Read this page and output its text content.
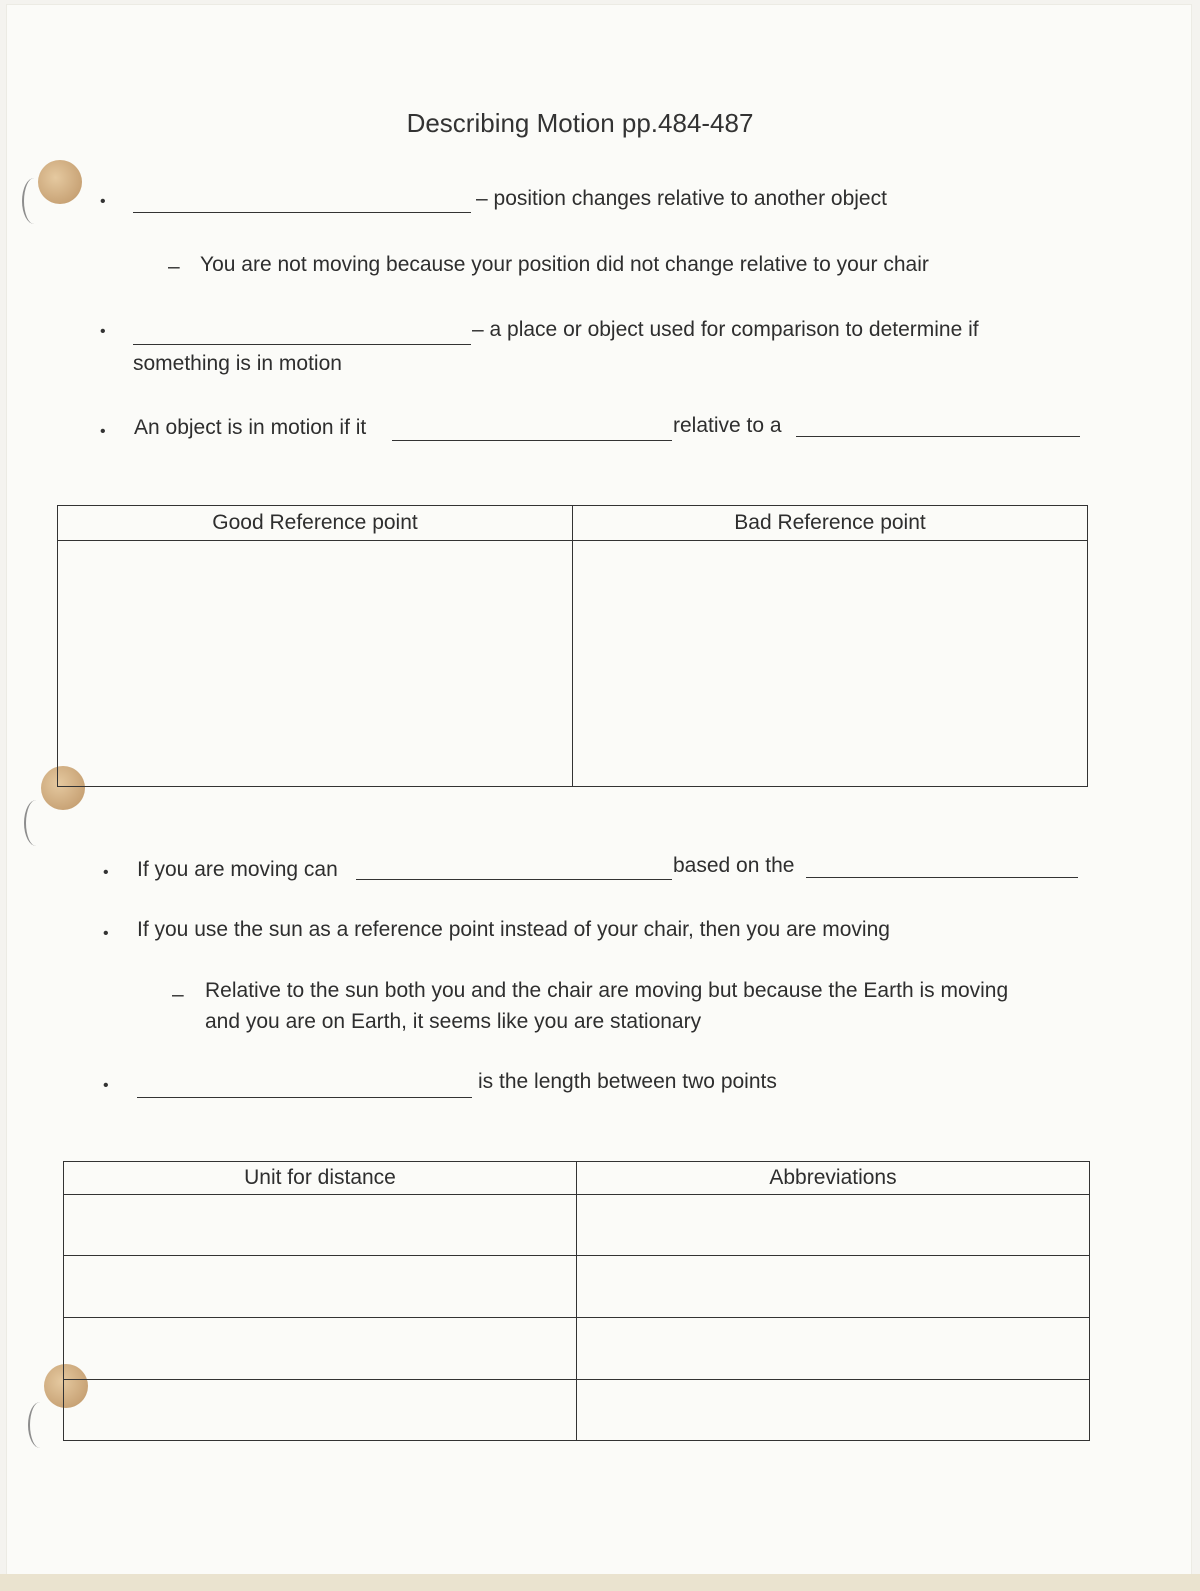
Describing Motion pp.484-487
•	– position changes relative to another object
– You are not moving because your position did not change relative to your chair
•	– a place or object used for comparison to determine if
something is in motion
• An object is in motion if it	relative to a
Good Reference point	Bad Reference point

• If you are moving can	based on the
• If you use the sun as a reference point instead of your chair, then you are moving
– Relative to the sun both you and the chair are moving but because the Earth is moving
and you are on Earth, it seems like you are stationary
•	is the length between two points
Unit for distance	Abbreviations
